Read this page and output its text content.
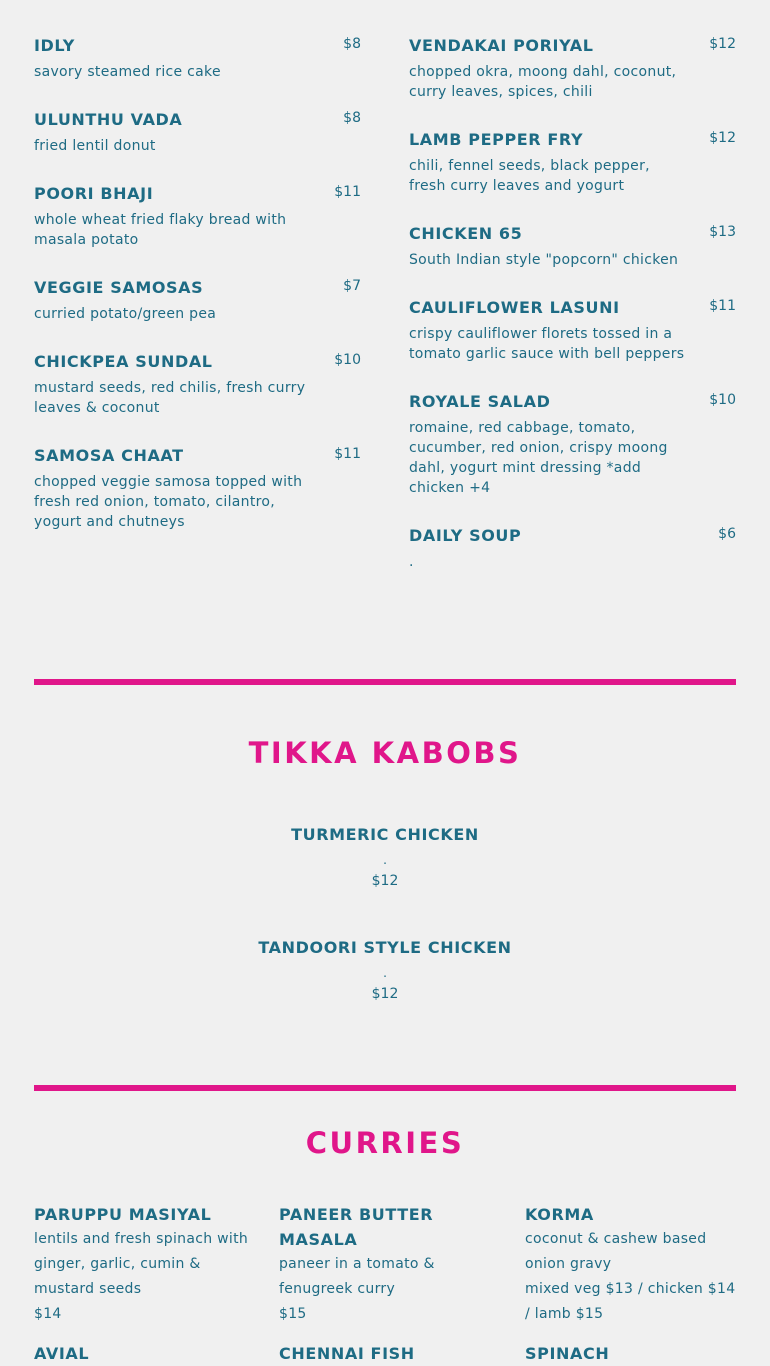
IDLY	$8
savory steamed rice cake
ULUNTHU VADA	$8
fried lentil donut
POORI BHAJI	$11
whole wheat fried flaky bread with masala potato
VEGGIE SAMOSAS	$7
curried potato/green pea
CHICKPEA SUNDAL	$10
mustard seeds, red chilis, fresh curry leaves & coconut
SAMOSA CHAAT	$11
chopped veggie samosa topped with fresh red onion, tomato, cilantro, yogurt and chutneys
VENDAKAI PORIYAL	$12
chopped okra, moong dahl, coconut, curry leaves, spices, chili
LAMB PEPPER FRY	$12
chili, fennel seeds, black pepper, fresh curry leaves and yogurt
CHICKEN 65	$13
South Indian style "popcorn" chicken
CAULIFLOWER LASUNI	$11
crispy cauliflower florets tossed in a tomato garlic sauce with bell peppers
ROYALE SALAD	$10
romaine, red cabbage, tomato, cucumber, red onion, crispy moong dahl, yogurt mint dressing *add chicken +4
DAILY SOUP	$6
.
TIKKA KABOBS
TURMERIC CHICKEN
.
$12
TANDOORI STYLE CHICKEN
.
$12
CURRIES
PARUPPU MASIYAL
lentils and fresh spinach with ginger, garlic, cumin & mustard seeds
$14
AVIAL
PANEER BUTTER MASALA
paneer in a tomato & fenugreek curry
$15
CHENNAI FISH
KORMA
coconut & cashew based onion gravy
mixed veg $13 / chicken $14 / lamb $15
SPINACH
